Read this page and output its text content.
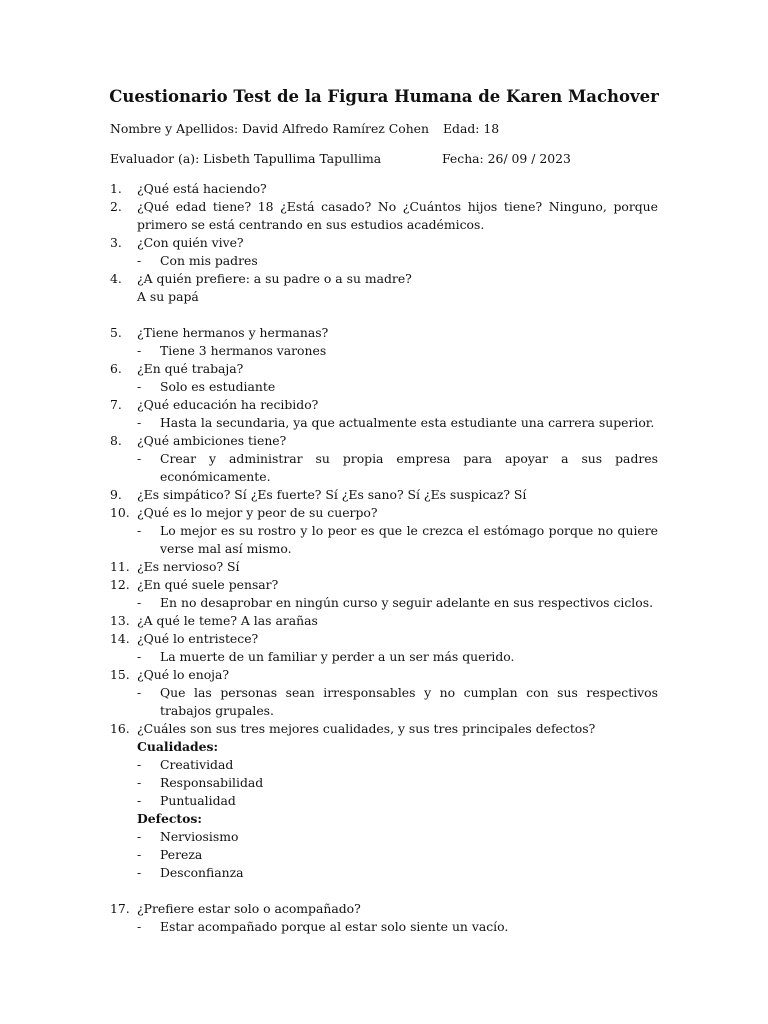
Cuestionario Test de la Figura Humana de Karen Machover
Nombre y Apellidos: David Alfredo Ramírez Cohen Edad: 18
Evaluador (a): Lisbeth Tapullima Tapullima	Fecha: 26/ 09 / 2023
1. ¿Qué está haciendo?
2. ¿Qué edad tiene? 18 ¿Está casado? No ¿Cuántos hijos tiene? Ninguno, porque primero se está centrando en sus estudios académicos.
3. ¿Con quién vive?
- Con mis padres
4. ¿A quién prefiere: a su padre o a su madre?
A su papá
5. ¿Tiene hermanos y hermanas?
- Tiene 3 hermanos varones
6. ¿En qué trabaja?
- Solo es estudiante
7. ¿Qué educación ha recibido?
- Hasta la secundaria, ya que actualmente esta estudiante una carrera superior.
8. ¿Qué ambiciones tiene?
- Crear y administrar su propia empresa para apoyar a sus padres económicamente.
9. ¿Es simpático? Sí ¿Es fuerte? Sí ¿Es sano? Sí ¿Es suspicaz? Sí
10. ¿Qué es lo mejor y peor de su cuerpo?
- Lo mejor es su rostro y lo peor es que le crezca el estómago porque no quiere verse mal así mismo.
11. ¿Es nervioso? Sí
12. ¿En qué suele pensar?
- En no desaprobar en ningún curso y seguir adelante en sus respectivos ciclos.
13. ¿A qué le teme? A las arañas
14. ¿Qué lo entristece?
- La muerte de un familiar y perder a un ser más querido.
15. ¿Qué lo enoja?
- Que las personas sean irresponsables y no cumplan con sus respectivos trabajos grupales.
16. ¿Cuáles son sus tres mejores cualidades, y sus tres principales defectos?
Cualidades:
- Creatividad
- Responsabilidad
- Puntualidad
Defectos:
- Nerviosismo
- Pereza
- Desconfianza
17. ¿Prefiere estar solo o acompañado?
- Estar acompañado porque al estar solo siente un vacío.
